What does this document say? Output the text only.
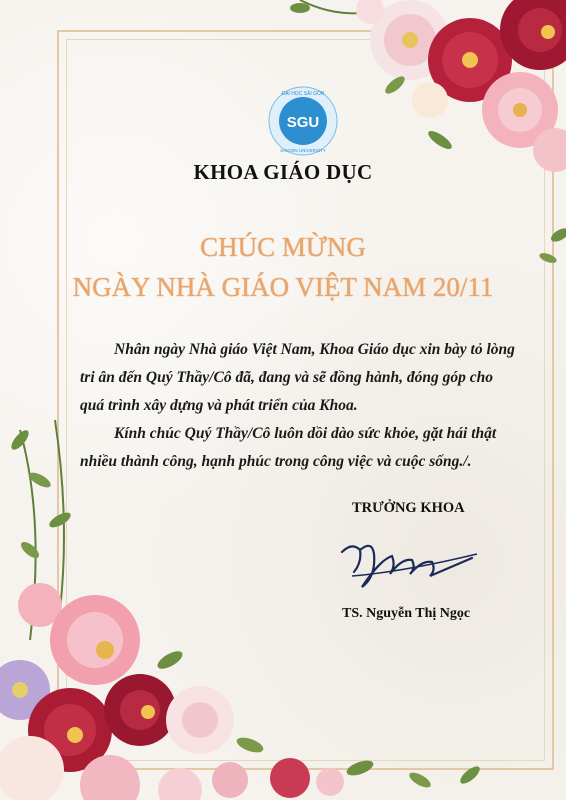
SGU
ĐẠI HỌC SÀI GÒN
SAIGON UNIVERSITY
KHOA GIÁO DỤC
CHÚC MỪNG
NGÀY NHÀ GIÁO VIỆT NAM 20/11

Nhân ngày Nhà giáo Việt Nam, Khoa Giáo dục xin bày tỏ lòng

tri ân đến Quý Thầy/Cô đã, đang và sẽ đồng hành, đóng góp cho

quá trình xây dựng và phát triển của Khoa.

Kính chúc Quý Thầy/Cô luôn dồi dào sức khỏe, gặt hái thật

nhiều thành công, hạnh phúc trong công việc và cuộc sống./.

TRƯỞNG KHOA
TS. Nguyễn Thị Ngọc
